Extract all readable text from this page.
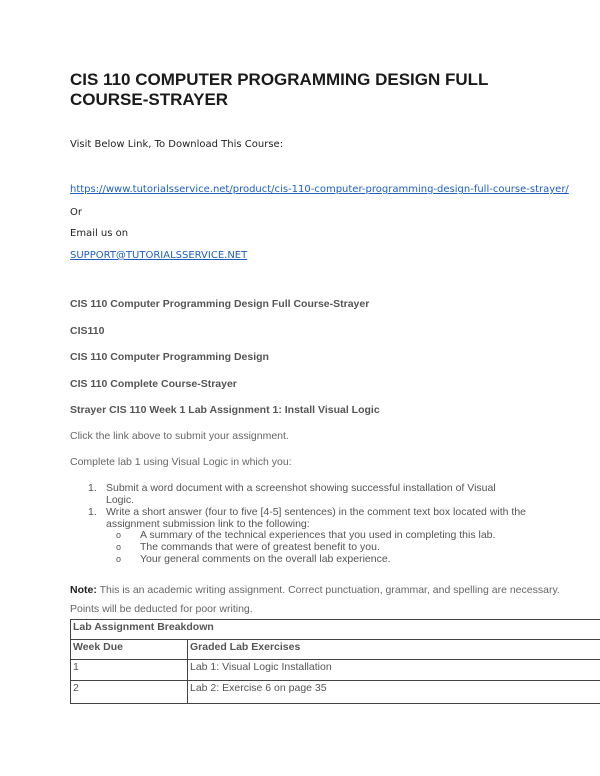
CIS 110 COMPUTER PROGRAMMING DESIGN FULL COURSE-STRAYER
Visit Below Link, To Download This Course:
https://www.tutorialsservice.net/product/cis-110-computer-programming-design-full-course-strayer/
Or
Email us on
SUPPORT@TUTORIALSSERVICE.NET
CIS 110 Computer Programming Design Full Course-Strayer
CIS110
CIS 110 Computer Programming Design
CIS 110 Complete Course-Strayer
Strayer CIS 110 Week 1 Lab Assignment 1: Install Visual Logic
Click the link above to submit your assignment.
Complete lab 1 using Visual Logic in which you:
1. Submit a word document with a screenshot showing successful installation of Visual Logic.
1. Write a short answer (four to five [4-5] sentences) in the comment text box located with the assignment submission link to the following:
o A summary of the technical experiences that you used in completing this lab.
o The commands that were of greatest benefit to you.
o Your general comments on the overall lab experience.
Note: This is an academic writing assignment. Correct punctuation, grammar, and spelling are necessary.
Points will be deducted for poor writing.
Lab Assignment Breakdown	
Week Due	Graded Lab Exercises
1	Lab 1: Visual Logic Installation
2	Lab 2: Exercise 6 on page 35
